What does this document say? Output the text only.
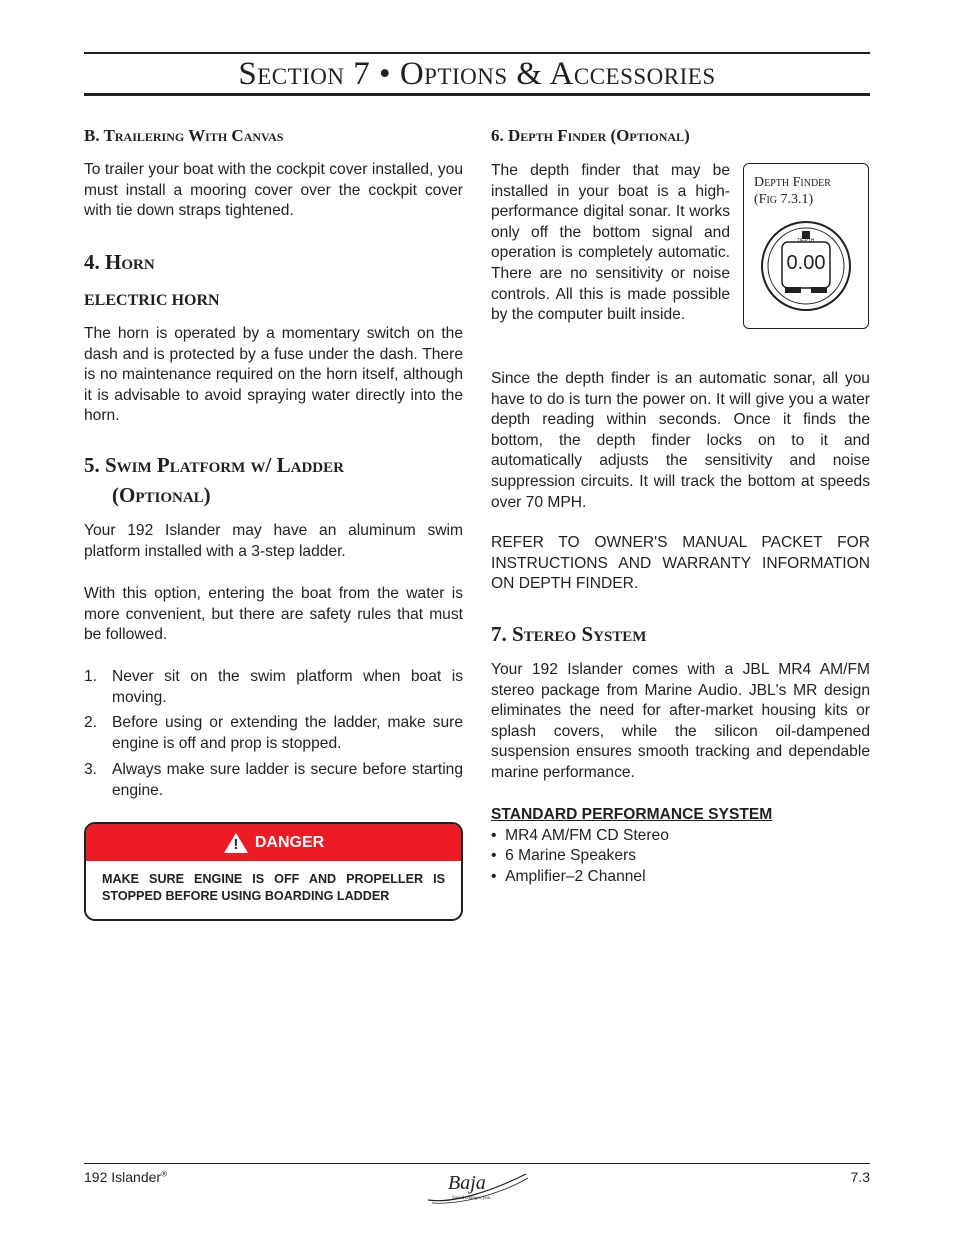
Section 7 • Options & Accessories
B. Trailering With Canvas
To trailer your boat with the cockpit cover installed, you must install a mooring cover over the cockpit cover with tie down straps tightened.
4. Horn
ELECTRIC HORN
The horn is operated by a momentary switch on the dash and is protected by a fuse under the dash. There is no maintenance required on the horn itself, although it is advisable to avoid spraying water directly into the horn.
5. Swim Platform w/ Ladder
(Optional)
Your 192 Islander may have an aluminum swim platform installed with a 3-step ladder.
With this option, entering the boat from the water is more convenient, but there are safety rules that must be followed.
1. Never sit on the swim platform when boat is moving.
2. Before using or extending the ladder, make sure engine is off and prop is stopped.
3. Always make sure ladder is secure before starting engine.
!	DANGER
MAKE SURE ENGINE IS OFF AND PROPELLER IS STOPPED BEFORE USING BOARDING LADDER
6. Depth Finder (Optional)
The depth finder that may be installed in your boat is a high-performance digital sonar. It works only off the bottom signal and operation is completely automatic. There are no sensitivity or noise controls. All this is made possible by the computer built inside.
Depth Finder
(Fig 7.3.1)
DEPTH
0.00
Since the depth finder is an automatic sonar, all you have to do is turn the power on. It will give you a water depth reading within seconds. Once it finds the bottom, the depth finder locks on to it and automatically adjusts the sensitivity and noise suppression circuits. It will track the bottom at speeds over 70 MPH.
REFER TO OWNER'S MANUAL PACKET FOR INSTRUCTIONS AND WARRANTY INFORMATION ON DEPTH FINDER.
7. Stereo System
Your 192 Islander comes with a JBL MR4 AM/FM stereo package from Marine Audio. JBL's MR design eliminates the need for after-market housing kits or splash covers, while the silicon oil-dampened suspension ensures smooth tracking and dependable marine performance.
STANDARD PERFORMANCE SYSTEM
•  MR4 AM/FM CD Stereo
•  6 Marine Speakers
•  Amplifier–2 Channel
192 Islander®	Baja
Speed changes you.
7.3
